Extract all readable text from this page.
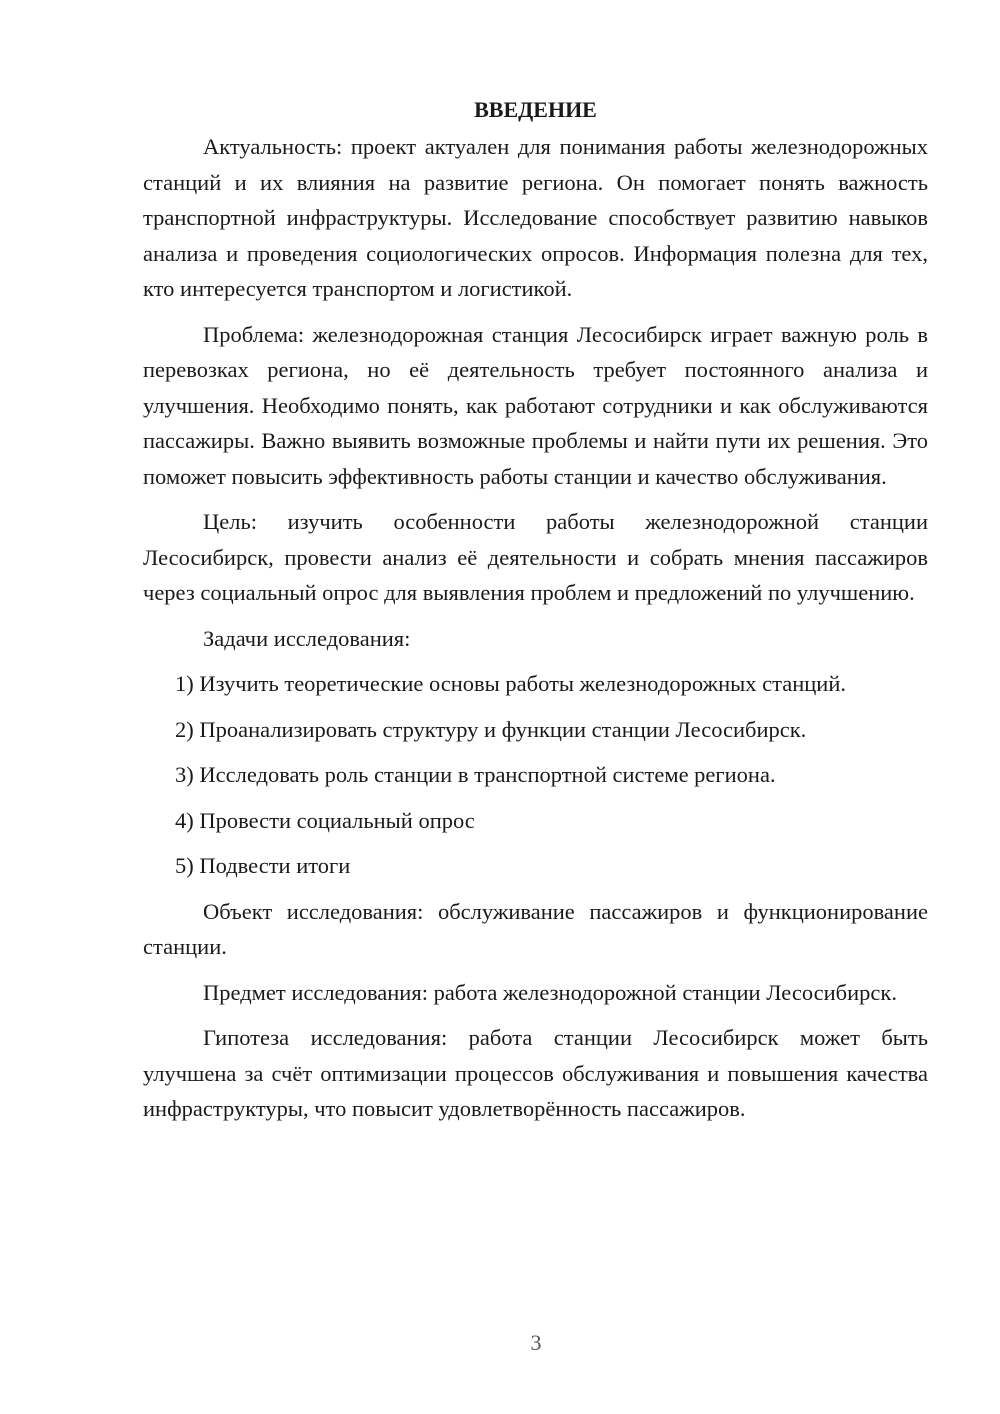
ВВЕДЕНИЕ

Актуальность: проект актуален для понимания работы железнодорожных станций и их влияния на развитие региона. Он помогает понять важность транспортной инфраструктуры. Исследование способствует развитию навыков анализа и проведения социологических опросов. Информация полезна для тех, кто интересуется транспортом и логистикой.

Проблема: железнодорожная станция Лесосибирск играет важную роль в перевозках региона, но её деятельность требует постоянного анализа и улучшения. Необходимо понять, как работают сотрудники и как обслуживаются пассажиры. Важно выявить возможные проблемы и найти пути их решения. Это поможет повысить эффективность работы станции и качество обслуживания.

Цель: изучить особенности работы железнодорожной станции Лесосибирск, провести анализ её деятельности и собрать мнения пассажиров через социальный опрос для выявления проблем и предложений по улучшению.

Задачи исследования:

1) Изучить теоретические основы работы железнодорожных станций.

2) Проанализировать структуру и функции станции Лесосибирск.

3) Исследовать роль станции в транспортной системе региона.

4) Провести социальный опрос

5) Подвести итоги

Объект исследования: обслуживание пассажиров и функционирование станции.

Предмет исследования: работа железнодорожной станции Лесосибирск.

Гипотеза исследования: работа станции Лесосибирск может быть улучшена за счёт оптимизации процессов обслуживания и повышения качества инфраструктуры, что повысит удовлетворённость пассажиров.

3
